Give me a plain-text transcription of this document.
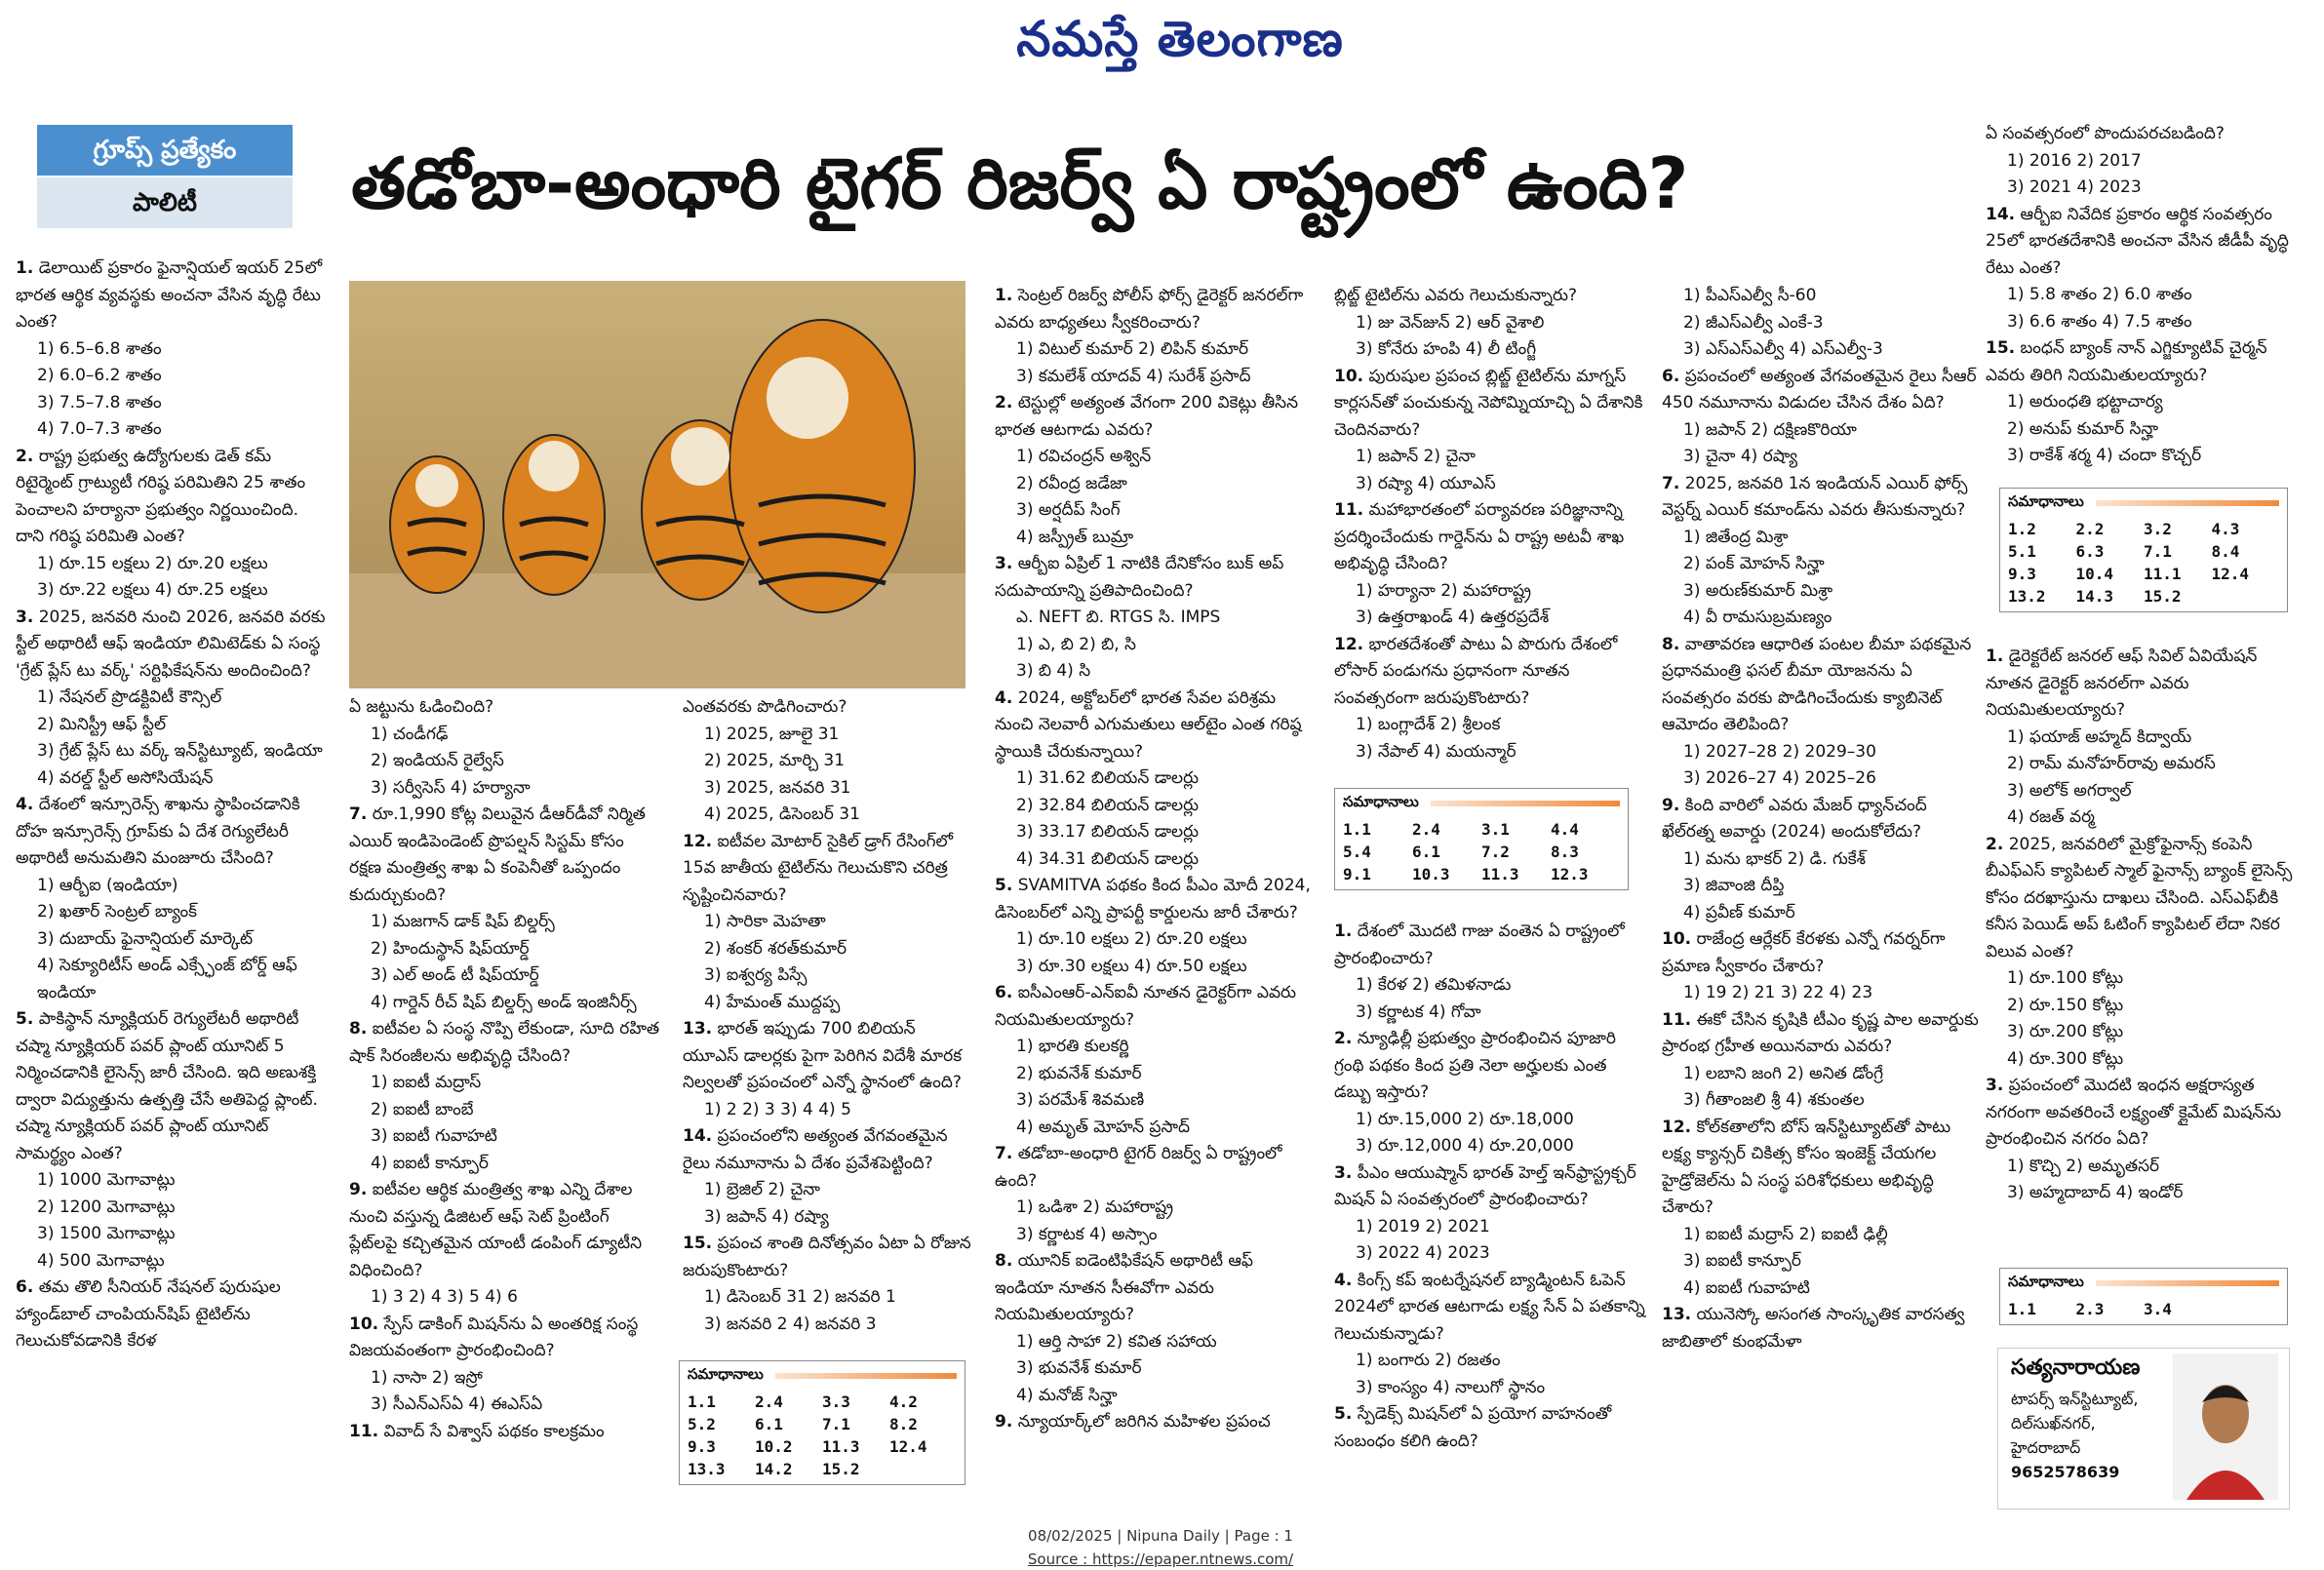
నమస్తే తెలంగాణ
గ్రూప్స్ ప్రత్యేకం
పాలిటీ	తడోబా-అంధారి టైగర్ రిజర్వ్ ఏ రాష్ట్రంలో ఉంది?

1. డెలాయిట్ ప్రకారం ఫైనాన్షియల్ ఇయర్ 25లో భారత ఆర్థిక వ్యవస్థకు అంచనా వేసిన వృద్ధి రేటు ఎంత?

1) 6.5–6.8 శాతం

2) 6.0–6.2 శాతం

3) 7.5–7.8 శాతం

4) 7.0–7.3 శాతం

2. రాష్ట్ర ప్రభుత్వ ఉద్యోగులకు డెత్ కమ్ రిటైర్మెంట్ గ్రాట్యుటీ గరిష్ఠ పరిమితిని 25 శాతం పెంచాలని హర్యానా ప్రభుత్వం నిర్ణయించింది. దాని గరిష్ఠ పరిమితి ఎంత?

1) రూ.15 లక్షలు 2) రూ.20 లక్షలు

3) రూ.22 లక్షలు 4) రూ.25 లక్షలు

3. 2025, జనవరి నుంచి 2026, జనవరి వరకు స్టీల్ అథారిటీ ఆఫ్ ఇండియా లిమిటెడ్‌కు ఏ సంస్థ 'గ్రేట్ ప్లేస్ టు వర్క్' సర్టిఫికేషన్‌ను అందించింది?

1) నేషనల్ ప్రొడక్టివిటీ కౌన్సిల్

2) మినిస్ట్రీ ఆఫ్ స్టీల్

3) గ్రేట్ ప్లేస్ టు వర్క్ ఇన్‌స్టిట్యూట్, ఇండియా

4) వరల్డ్ స్టీల్ అసోసియేషన్

4. దేశంలో ఇన్సూరెన్స్ శాఖను స్థాపించడానికి దోహ ఇన్సూరెన్స్ గ్రూప్‌కు ఏ దేశ రెగ్యులేటరీ అథారిటీ అనుమతిని మంజూరు చేసింది?

1) ఆర్బీఐ (ఇండియా)

2) ఖతార్ సెంట్రల్ బ్యాంక్

3) దుబాయ్ ఫైనాన్షియల్ మార్కెట్

4) సెక్యూరిటీస్ అండ్ ఎక్స్ఛేంజ్ బోర్డ్ ఆఫ్ ఇండియా

5. పాకిస్థాన్ న్యూక్లియర్ రెగ్యులేటరీ అథారిటీ చష్మా న్యూక్లియర్ పవర్ ప్లాంట్ యూనిట్ 5 నిర్మించడానికి లైసెన్స్ జారీ చేసింది. ఇది అణుశక్తి ద్వారా విద్యుత్తును ఉత్పత్తి చేసే అతిపెద్ద ప్లాంట్. చష్మా న్యూక్లియర్ పవర్ ప్లాంట్ యూనిట్ సామర్థ్యం ఎంత?

1) 1000 మెగావాట్లు

2) 1200 మెగావాట్లు

3) 1500 మెగావాట్లు

4) 500 మెగావాట్లు

6. తమ తొలి సీనియర్ నేషనల్ పురుషుల హ్యాండ్‌బాల్ చాంపియన్‌షిప్ టైటిల్‌ను గెలుచుకోవడానికి కేరళ

ఏ జట్టును ఓడించింది?

1) చండీగఢ్

2) ఇండియన్ రైల్వేస్

3) సర్వీసెస్ 4) హర్యానా

7. రూ.1,990 కోట్ల విలువైన డీఆర్‌డీవో నిర్మిత ఎయిర్ ఇండిపెండెంట్ ప్రొపల్షన్ సిస్టమ్ కోసం రక్షణ మంత్రిత్వ శాఖ ఏ కంపెనీతో ఒప్పందం కుదుర్చుకుంది?

1) మజగాన్ డాక్ షిప్ బిల్డర్స్

2) హిందుస్థాన్ షిప్‌యార్డ్

3) ఎల్ అండ్ టీ షిప్‌యార్డ్

4) గార్డెన్ రీచ్ షిప్ బిల్డర్స్ అండ్ ఇంజినీర్స్

8. ఐటీవల ఏ సంస్థ నొప్పి లేకుండా, సూది రహిత షాక్ సిరంజీలను అభివృద్ధి చేసింది?

1) ఐఐటీ మద్రాస్

2) ఐఐటీ బాంబే

3) ఐఐటీ గువాహటి

4) ఐఐటీ కాన్పూర్

9. ఐటీవల ఆర్థిక మంత్రిత్వ శాఖ ఎన్ని దేశాల నుంచి వస్తున్న డిజిటల్ ఆఫ్ సెట్ ప్రింటింగ్ ప్లేట్‌లపై కచ్చితమైన యాంటీ డంపింగ్ డ్యూటీని విధించింది?

1) 3 2) 4 3) 5 4) 6

10. స్పేస్ డాకింగ్ మిషన్‌ను ఏ అంతరిక్ష సంస్థ విజయవంతంగా ప్రారంభించింది?

1) నాసా 2) ఇస్రో

3) సీఎన్ఎస్ఏ 4) ఈఎస్ఏ

11. వివాద్ సే విశ్వాస్ పథకం కాలక్రమం

ఎంతవరకు పొడిగించారు?

1) 2025, జూలై 31

2) 2025, మార్చి 31

3) 2025, జనవరి 31

4) 2025, డిసెంబర్ 31

12. ఐటీవల మోటార్ సైకిల్ డ్రాగ్ రేసింగ్‌లో 15వ జాతీయ టైటిల్‌ను గెలుచుకొని చరిత్ర సృష్టించినవారు?

1) సారికా మెహతా

2) శంకర్ శరత్‌కుమార్

3) ఐశ్వర్య పిస్సే

4) హేమంత్ ముద్దప్ప

13. భారత్ ఇప్పుడు 700 బిలియన్ యూఎస్ డాలర్లకు పైగా పెరిగిన విదేశీ మారక నిల్వలతో ప్రపంచంలో ఎన్నో స్థానంలో ఉంది?

1) 2 2) 3 3) 4 4) 5

14. ప్రపంచంలోని అత్యంత వేగవంతమైన రైలు నమూనాను ఏ దేశం ప్రవేశపెట్టింది?

1) బ్రెజిల్ 2) చైనా

3) జపాన్ 4) రష్యా

15. ప్రపంచ శాంతి దినోత్సవం ఏటా ఏ రోజున జరుపుకొంటారు?

1) డిసెంబర్ 31 2) జనవరి 1

3) జనవరి 2 4) జనవరి 3

1. సెంట్రల్ రిజర్వ్ పోలీస్ ఫోర్స్ డైరెక్టర్ జనరల్‌గా ఎవరు బాధ్యతలు స్వీకరించారు?

1) విటుల్ కుమార్ 2) లిపిన్ కుమార్

3) కమలేశ్ యాదవ్ 4) సురేశ్ ప్రసాద్

2. టెస్టుల్లో అత్యంత వేగంగా 200 వికెట్లు తీసిన భారత ఆటగాడు ఎవరు?

1) రవిచంద్రన్ అశ్విన్

2) రవీంద్ర జడేజా

3) అర్షదీప్ సింగ్

4) జస్ప్రీత్ బుమ్రా

3. ఆర్బీఐ ఏప్రిల్ 1 నాటికి దేనికోసం బుక్ అప్ సదుపాయాన్ని ప్రతిపాదించింది?

ఎ. NEFT బి. RTGS సి. IMPS

1) ఎ, బి 2) బి, సి

3) బి 4) సి

4. 2024, అక్టోబర్‌లో భారత సేవల పరిశ్రమ నుంచి నెలవారీ ఎగుమతులు ఆల్‌టైం ఎంత గరిష్ఠ స్థాయికి చేరుకున్నాయి?

1) 31.62 బిలియన్ డాలర్లు

2) 32.84 బిలియన్ డాలర్లు

3) 33.17 బిలియన్ డాలర్లు

4) 34.31 బిలియన్ డాలర్లు

5. SVAMITVA పథకం కింద పీఎం మోదీ 2024, డిసెంబర్‌లో ఎన్ని ప్రాపర్టీ కార్డులను జారీ చేశారు?

1) రూ.10 లక్షలు 2) రూ.20 లక్షలు

3) రూ.30 లక్షలు 4) రూ.50 లక్షలు

6. ఐసీఎంఆర్-ఎన్ఐవీ నూతన డైరెక్టర్‌గా ఎవరు నియమితులయ్యారు?

1) భారతి కులకర్ణి

2) భువనేశ్ కుమార్

3) పరమేశ్ శివమణి

4) అమృత్ మోహన్ ప్రసాద్

7. తడోబా-అంధారి టైగర్ రిజర్వ్ ఏ రాష్ట్రంలో ఉంది?

1) ఒడిశా 2) మహారాష్ట్ర

3) కర్ణాటక 4) అస్సాం

8. యూనిక్ ఐడెంటిఫికేషన్ అథారిటీ ఆఫ్ ఇండియా నూతన సీఈవోగా ఎవరు నియమితులయ్యారు?

1) ఆర్తి సాహా 2) కవిత సహాయ

3) భువనేశ్ కుమార్

4) మనోజ్ సిన్హా

9. న్యూయార్క్‌లో జరిగిన మహిళల ప్రపంచ

బ్లిట్జ్ టైటిల్‌ను ఎవరు గెలుచుకున్నారు?

1) జు వెన్‌జున్ 2) ఆర్ వైశాలి

3) కోనేరు హంపి 4) లీ టింగ్జీ

10. పురుషుల ప్రపంచ బ్లిట్జ్ టైటిల్‌ను మాగ్నస్ కార్లసన్‌తో పంచుకున్న నెపోమ్నియాచ్చి ఏ దేశానికి చెందినవారు?

1) జపాన్ 2) చైనా

3) రష్యా 4) యూఎస్

11. మహాభారతంలో పర్యావరణ పరిజ్ఞానాన్ని ప్రదర్శించేందుకు గార్డెన్‌ను ఏ రాష్ట్ర అటవీ శాఖ అభివృద్ధి చేసింది?

1) హర్యానా 2) మహారాష్ట్ర

3) ఉత్తరాఖండ్ 4) ఉత్తరప్రదేశ్

12. భారతదేశంతో పాటు ఏ పొరుగు దేశంలో లోసార్ పండుగను ప్రధానంగా నూతన సంవత్సరంగా జరుపుకొంటారు?

1) బంగ్లాదేశ్ 2) శ్రీలంక

3) నేపాల్ 4) మయన్మార్

1. దేశంలో మొదటి గాజు వంతెన ఏ రాష్ట్రంలో ప్రారంభించారు?

1) కేరళ 2) తమిళనాడు

3) కర్ణాటక 4) గోవా

2. న్యూఢిల్లీ ప్రభుత్వం ప్రారంభించిన పూజారి గ్రంథి పథకం కింద ప్రతి నెలా అర్హులకు ఎంత డబ్బు ఇస్తారు?

1) రూ.15,000 2) రూ.18,000

3) రూ.12,000 4) రూ.20,000

3. పీఎం ఆయుష్మాన్ భారత్ హెల్త్ ఇన్‌ఫ్రాస్ట్రక్చర్ మిషన్ ఏ సంవత్సరంలో ప్రారంభించారు?

1) 2019 2) 2021

3) 2022 4) 2023

4. కింగ్స్ కప్ ఇంటర్నేషనల్ బ్యాడ్మింటన్ ఓపెన్ 2024లో భారత ఆటగాడు లక్ష్య సేన్ ఏ పతకాన్ని గెలుచుకున్నాడు?

1) బంగారు 2) రజతం

3) కాంస్యం 4) నాలుగో స్థానం

5. స్పేడెక్స్ మిషన్‌లో ఏ ప్రయోగ వాహనంతో సంబంధం కలిగి ఉంది?

1) పీఎస్ఎల్వీ సీ-60

2) జీఎస్ఎల్వీ ఎంకే-3

3) ఎస్ఎస్ఎల్వీ 4) ఎస్ఎల్వీ-3

6. ప్రపంచంలో అత్యంత వేగవంతమైన రైలు సీఆర్ 450 నమూనాను విడుదల చేసిన దేశం ఏది?

1) జపాన్ 2) దక్షిణకొరియా

3) చైనా 4) రష్యా

7. 2025, జనవరి 1న ఇండియన్ ఎయిర్ ఫోర్స్ వెస్టర్న్ ఎయిర్ కమాండ్‌ను ఎవరు తీసుకున్నారు?

1) జితేంద్ర మిశ్రా

2) పంక్ మోహన్ సిన్హా

3) అరుణ్‌కుమార్ మిశ్రా

4) వీ రామసుబ్రమణ్యం

8. వాతావరణ ఆధారిత పంటల బీమా పథకమైన ప్రధానమంత్రి ఫసల్ బీమా యోజనను ఏ సంవత్సరం వరకు పొడిగించేందుకు క్యాబినెట్ ఆమోదం తెలిపింది?

1) 2027–28 2) 2029–30

3) 2026–27 4) 2025–26

9. కింది వారిలో ఎవరు మేజర్ ధ్యాన్‌చంద్ ఖేల్‌రత్న అవార్డు (2024) అందుకోలేదు?

1) మను భాకర్ 2) డి. గుకేశ్

3) జివాంజి దీప్తి

4) ప్రవీణ్ కుమార్

10. రాజేంద్ర ఆర్లేకర్ కేరళకు ఎన్నో గవర్నర్‌గా ప్రమాణ స్వీకారం చేశారు?

1) 19 2) 21 3) 22 4) 23

11. ఈకో చేసిన కృషికి టీఎం కృష్ణ పాల అవార్డుకు ప్రారంభ గ్రహీత అయినవారు ఎవరు?

1) లబాని జంగి 2) అనిత డోంగ్రే

3) గీతాంజలి శ్రీ 4) శకుంతల

12. కోల్‌కతాలోని బోస్ ఇన్‌స్టిట్యూట్‌తో పాటు లక్ష్య క్యాన్సర్ చికిత్స కోసం ఇంజెక్ట్ చేయగల హైడ్రోజెల్‌ను ఏ సంస్థ పరిశోధకులు అభివృద్ధి చేశారు?

1) ఐఐటీ మద్రాస్ 2) ఐఐటీ ఢిల్లీ

3) ఐఐటీ కాన్పూర్

4) ఐఐటీ గువాహటి

13. యునెస్కో అసంగత సాంస్కృతిక వారసత్వ జాబితాలో కుంభమేళా

ఏ సంవత్సరంలో పొందుపరచబడింది?

1) 2016 2) 2017

3) 2021 4) 2023

14. ఆర్బీఐ నివేదిక ప్రకారం ఆర్థిక సంవత్సరం 25లో భారతదేశానికి అంచనా వేసిన జీడీపీ వృద్ధి రేటు ఎంత?

1) 5.8 శాతం 2) 6.0 శాతం

3) 6.6 శాతం 4) 7.5 శాతం

15. బంధన్ బ్యాంక్ నాన్ ఎగ్జిక్యూటివ్ చైర్మన్ ఎవరు తిరిగి నియమితులయ్యారు?

1) అరుంధతి భట్టాచార్య

2) అనుప్ కుమార్ సిన్హా

3) రాకేశ్ శర్మ 4) చందా కొచ్చర్

1. డైరెక్టరేట్ జనరల్ ఆఫ్ సివిల్ ఏవియేషన్ నూతన డైరెక్టర్ జనరల్‌గా ఎవరు నియమితులయ్యారు?

1) ఫయాజ్ అహ్మద్ కిద్వాయ్

2) రామ్ మనోహర్‌రావు అమరస్

3) అలోక్ అగర్వాల్

4) రజత్ వర్మ

2. 2025, జనవరిలో మైక్రోఫైనాన్స్ కంపెనీ బీఎఫ్ఎస్ క్యాపిటల్ స్మాల్ ఫైనాన్స్ బ్యాంక్ లైసెన్స్ కోసం దరఖాస్తును దాఖలు చేసింది. ఎస్ఎఫ్‌బీకి కనీస పెయిడ్ అప్ ఓటింగ్ క్యాపిటల్ లేదా నికర విలువ ఎంత?

1) రూ.100 కోట్లు

2) రూ.150 కోట్లు

3) రూ.200 కోట్లు

4) రూ.300 కోట్లు

3. ప్రపంచంలో మొదటి ఇంధన అక్షరాస్యత నగరంగా అవతరించే లక్ష్యంతో క్లైమేట్ మిషన్‌ను ప్రారంభించిన నగరం ఏది?

1) కొచ్చి 2) అమృతసర్

3) అహ్మదాబాద్ 4) ఇండోర్

సమాధానాలు
1.1	2.4	3.3	4.2
5.2	6.1	7.1	8.2
9.3	10.2	11.3	12.4
13.3	14.2	15.2
సమాధానాలు
1.1	2.4	3.1	4.4
5.4	6.1	7.2	8.3
9.1	10.3	11.3	12.3
సమాధానాలు
1.2	2.2	3.2	4.3
5.1	6.3	7.1	8.4
9.3	10.4	11.1	12.4
13.2	14.3	15.2
సమాధానాలు
1.1	2.3	3.4
సత్యనారాయణ
టాపర్స్ ఇన్‌స్టిట్యూట్,
దిల్‌సుఖ్‌నగర్,
హైదరాబాద్
9652578639
08/02/2025 | Nipuna Daily | Page : 1
Source : https://epaper.ntnews.com/
